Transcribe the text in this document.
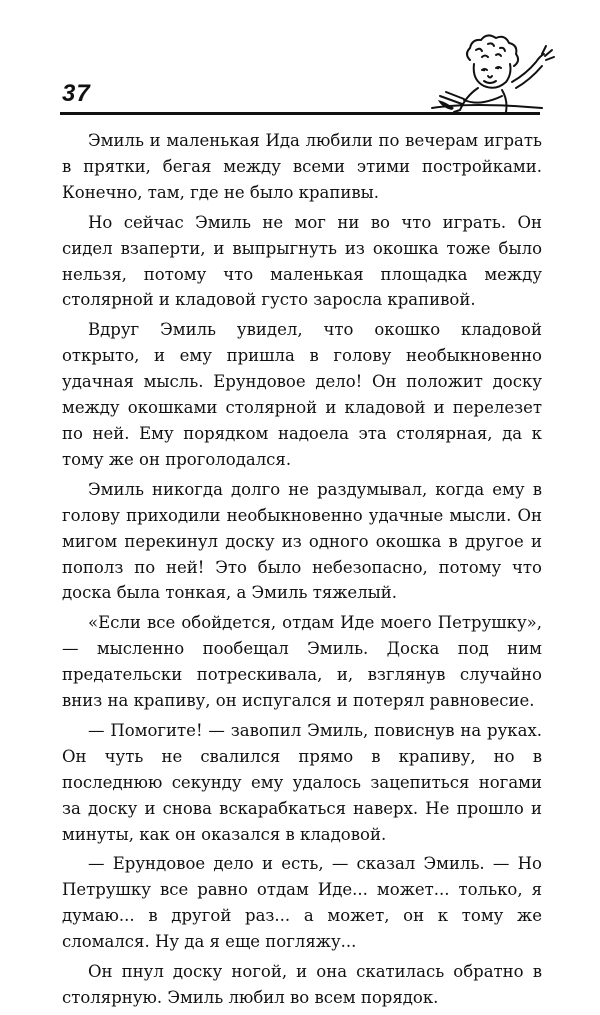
37

Эмиль и маленькая Ида любили по вечерам играть в прятки, бегая между всеми этими постройками. Конечно, там, где не было крапивы.

Но сейчас Эмиль не мог ни во что играть. Он сидел взаперти, и выпрыгнуть из окошка тоже было нельзя, потому что маленькая площадка между столярной и кладовой густо заросла крапивой.

Вдруг Эмиль увидел, что окошко кладовой открыто, и ему пришла в голову необыкновенно удачная мысль. Ерундовое дело! Он положит доску между окошками столярной и кладовой и перелезет по ней. Ему порядком надоела эта столярная, да к тому же он проголодался.

Эмиль никогда долго не раздумывал, когда ему в голову приходили необыкновенно удачные мысли. Он мигом перекинул доску из одного окошка в другое и пополз по ней! Это было небезопасно, потому что доска была тонкая, а Эмиль тяжелый.

«Если все обойдется, отдам Иде моего Петрушку», — мысленно пообещал Эмиль. Доска под ним предательски потрескивала, и, взглянув случайно вниз на крапиву, он испугался и потерял равновесие.

— Помогите! — завопил Эмиль, повиснув на руках. Он чуть не свалился прямо в крапиву, но в последнюю секунду ему удалось зацепиться ногами за доску и снова вскарабкаться наверх. Не прошло и минуты, как он оказался в кладовой.

— Ерундовое дело и есть, — сказал Эмиль. — Но Петрушку все равно отдам Иде... может... только, я думаю... в другой раз... а может, он к тому же сломался. Ну да я еще погляжу...

Он пнул доску ногой, и она скатилась обратно в столярную. Эмиль любил во всем порядок.
